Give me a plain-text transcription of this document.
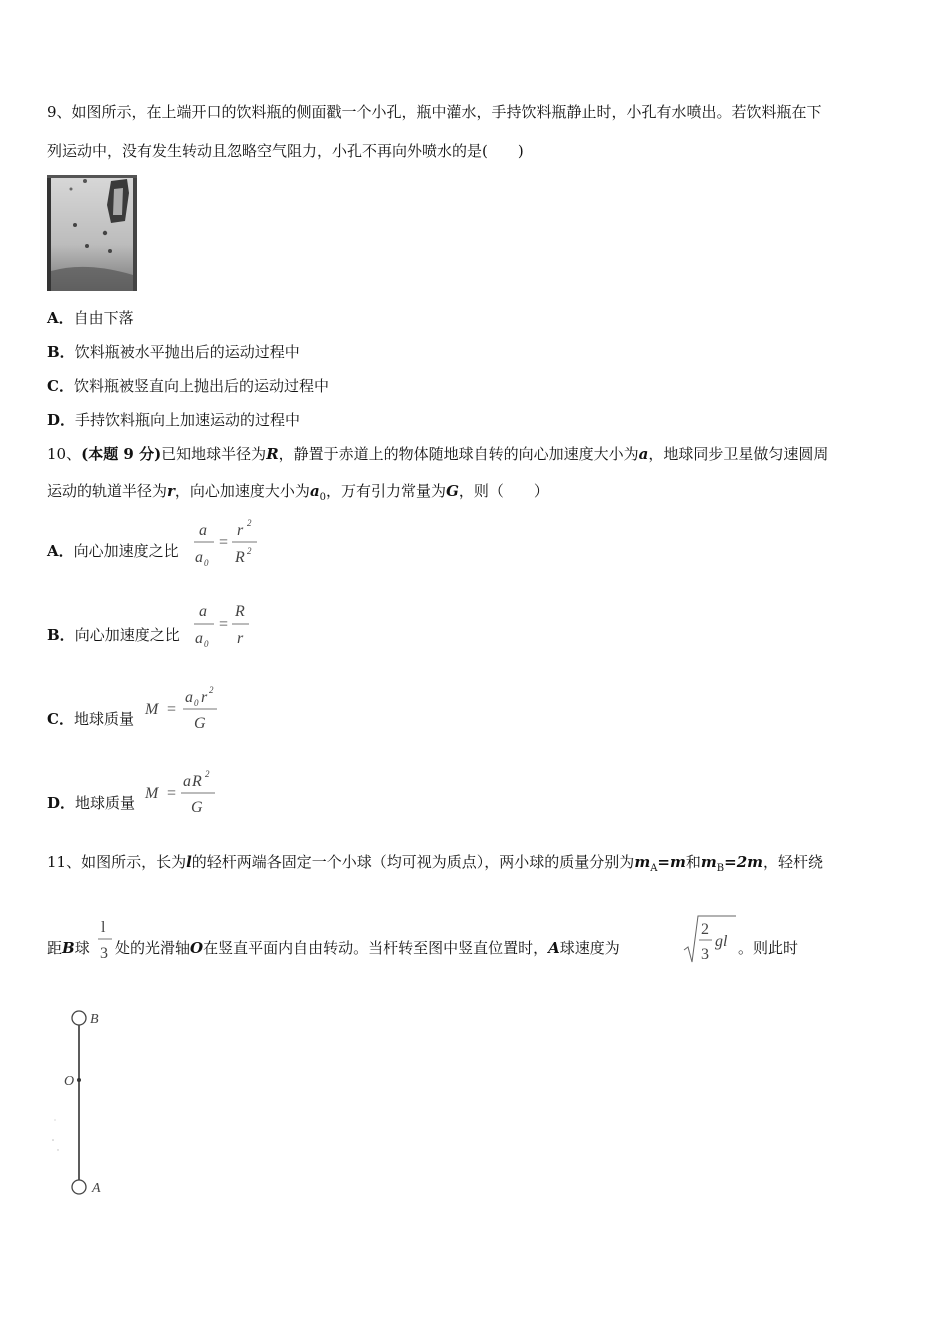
9、如图所示，在上端开口的饮料瓶的侧面戳一个小孔，瓶中灌水，手持饮料瓶静止时，小孔有水喷出。若饮料瓶在下
列运动中，没有发生转动且忽略空气阻力，小孔不再向外喷水的是(　　)
A．自由下落
B．饮料瓶被水平抛出后的运动过程中
C．饮料瓶被竖直向上抛出后的运动过程中
D．手持饮料瓶向上加速运动的过程中
10、(本题 9 分)已知地球半径为R，静置于赤道上的物体随地球自转的向心加速度大小为a，地球同步卫星做匀速圆周
运动的轨道半径为r，向心加速度大小为$a_0$，万有引力常量为G，则（　　）
A．向心加速度之比
a
a 0
=
r 2
R 2
B．向心加速度之比
a
a 0
=
R
r
C．地球质量
M =
a 0 r 2
G
D．地球质量
M =
a R 2
G
11、如图所示，长为l的轻杆两端各固定一个小球（均可视为质点），两小球的质量分别为$m_A=m$和$m_B=2m$，轻杆绕
距B球
l
3 处的光滑轴O在竖直平面内自由转动。当杆转至图中竖直位置时，A球速度为
2
3
gl 。则此时
B
O
A
